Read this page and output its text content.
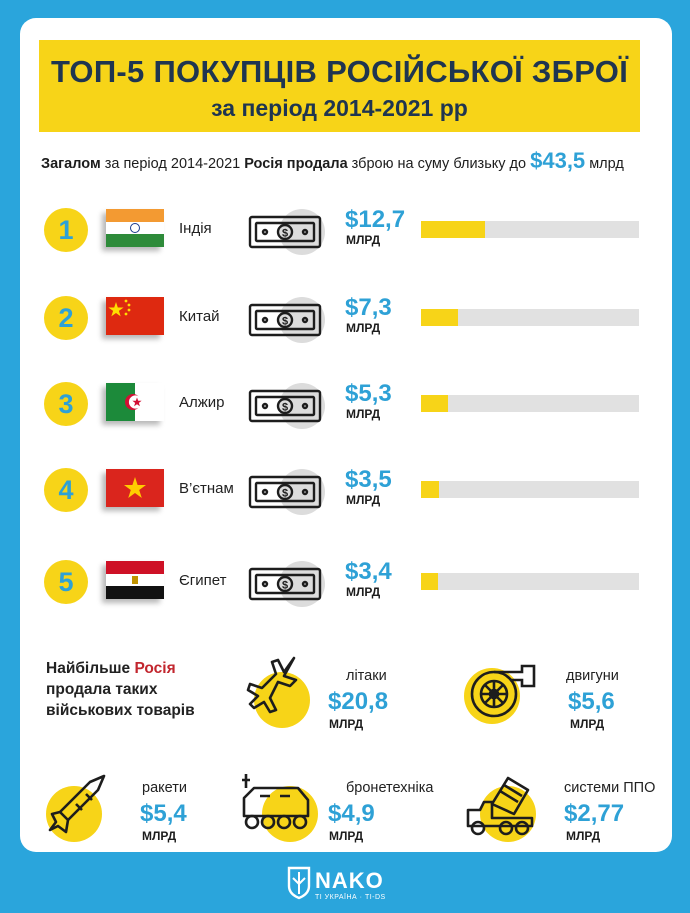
ТОП-5 ПОКУПЦІВ РОСІЙСЬКОЇ ЗБРОЇ
за період 2014-2021 рр
Загалом за період 2014-2021 Росія продала зброю на суму близьку до $43,5 млрд
1	Індія	$
$12,7
МЛРД
2	Китай	$
$7,3
МЛРД
3	Алжир	$
$5,3
МЛРД
4	В’єтнам	$
$3,5
МЛРД
5	Єгипет	$
$3,4
МЛРД
Найбільше Росія
продала таких
військових товарів
літаки
$20,8
МЛРД
двигуни
$5,6
МЛРД
ракети
$5,4
МЛРД
бронетехніка
$4,9
МЛРД
системи ППО
$2,77
МЛРД
NAKO
ТІ УКРАЇНА · ТІ-DS
